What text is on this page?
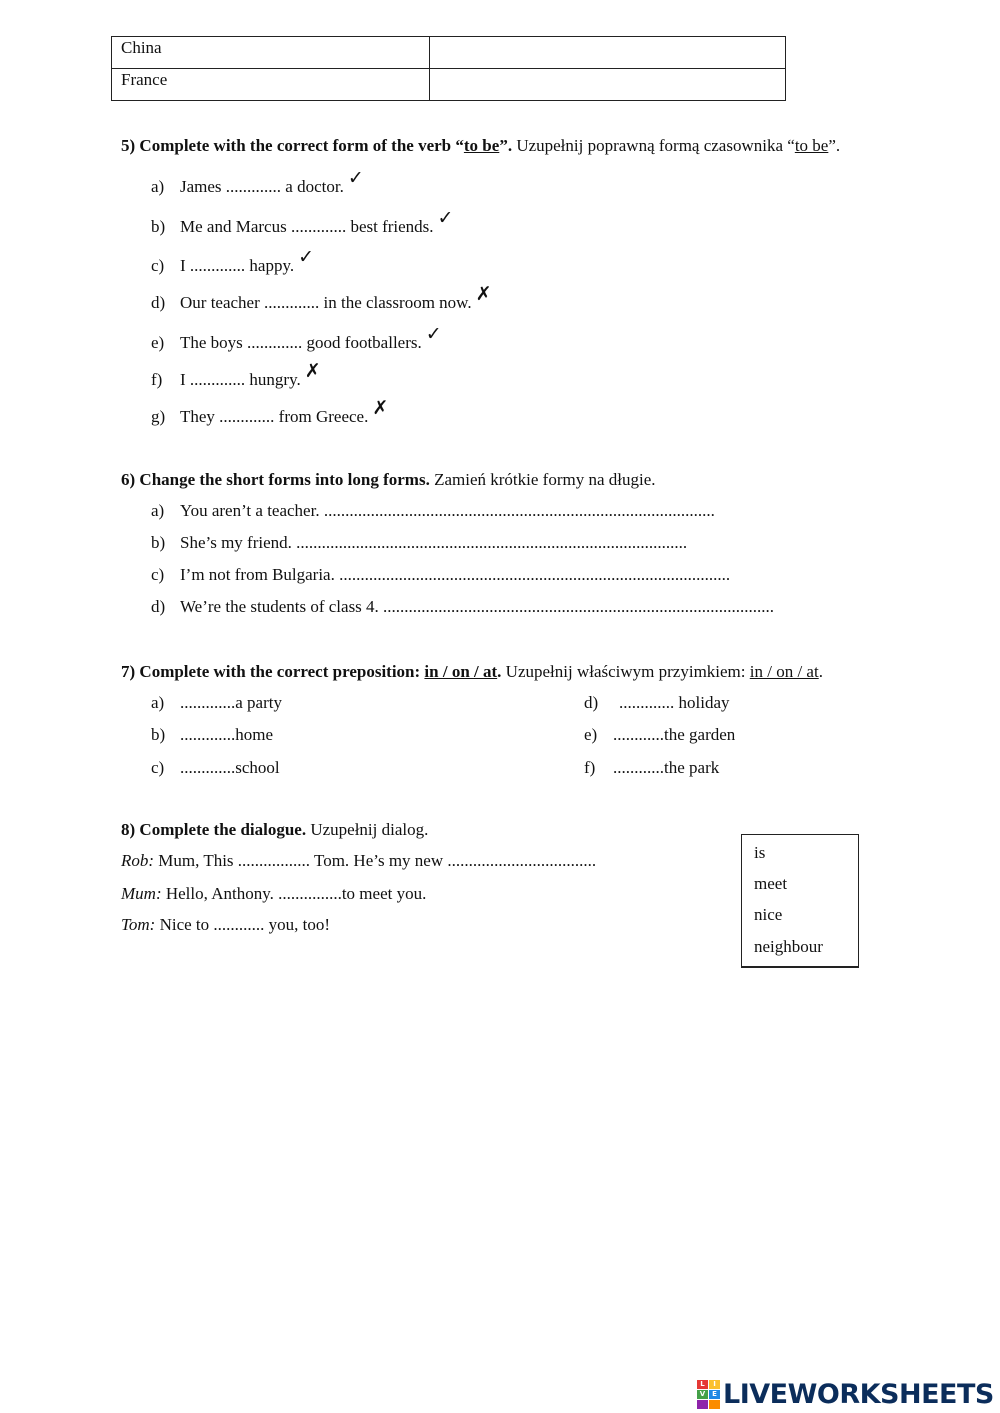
China	
France	
5) Complete with the correct form of the verb “to be”. Uzupełnij poprawną formą czasownika “to be”.
a) James ............. a doctor. ✓
b) Me and Marcus ............. best friends. ✓
c) I ............. happy. ✓
d) Our teacher ............. in the classroom now. ✗
e) The boys ............. good footballers. ✓
f) I ............. hungry. ✗
g) They ............. from Greece. ✗
6) Change the short forms into long forms. Zamień krótkie formy na długie.
a) You aren’t a teacher. ............................................................................................
b) She’s my friend. ............................................................................................
c) I’m not from Bulgaria. ............................................................................................
d) We’re the students of class 4. ............................................................................................
7) Complete with the correct preposition: in / on / at. Uzupełnij właściwym przyimkiem: in / on / at.
a) .............a party
b) .............home
c) .............school
d) ............. holiday
e) ............the garden
f) ............the park
8) Complete the dialogue. Uzupełnij dialog.
Rob: Mum, This ................. Tom. He’s my new ...................................
Mum: Hello, Anthony. ...............to meet you.
Tom: Nice to ............ you, too!
is
meet
nice
neighbour
L	I
V E LIVEWORKSHEETS
